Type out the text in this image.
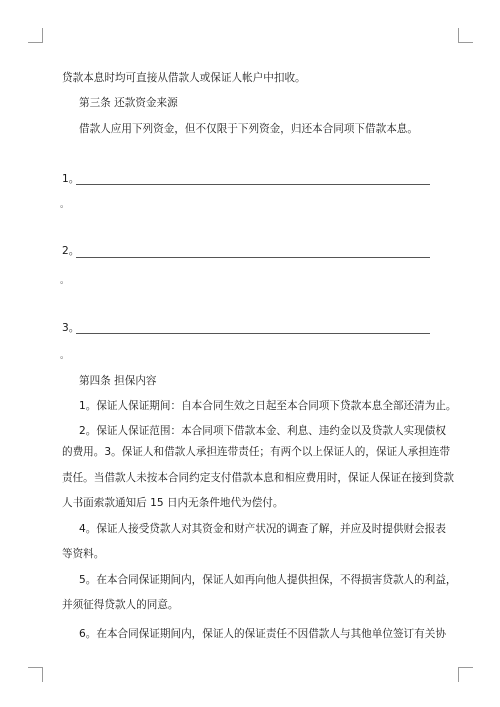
贷款本息时均可直接从借款人或保证人帐户中扣收。
第三条 还款资金来源
借款人应用下列资金，但不仅限于下列资金，归还本合同项下借款本息。
1。
。
2。
。
3。
。
第四条 担保内容
1。保证人保证期间：自本合同生效之日起至本合同项下贷款本息全部还清为止。
2。保证人保证范围：本合同项下借款本金、利息、违约金以及贷款人实现债权
的费用。3。保证人和借款人承担连带责任；有两个以上保证人的，保证人承担连带
责任。当借款人未按本合同约定支付借款本息和相应费用时，保证人保证在接到贷款
人书面索款通知后 15 日内无条件地代为偿付。
4。保证人接受贷款人对其资金和财产状况的调查了解，并应及时提供财会报表
等资料。
5。在本合同保证期间内，保证人如再向他人提供担保，不得损害贷款人的利益，
并须征得贷款人的同意。
6。在本合同保证期间内，保证人的保证责任不因借款人与其他单位签订有关协
